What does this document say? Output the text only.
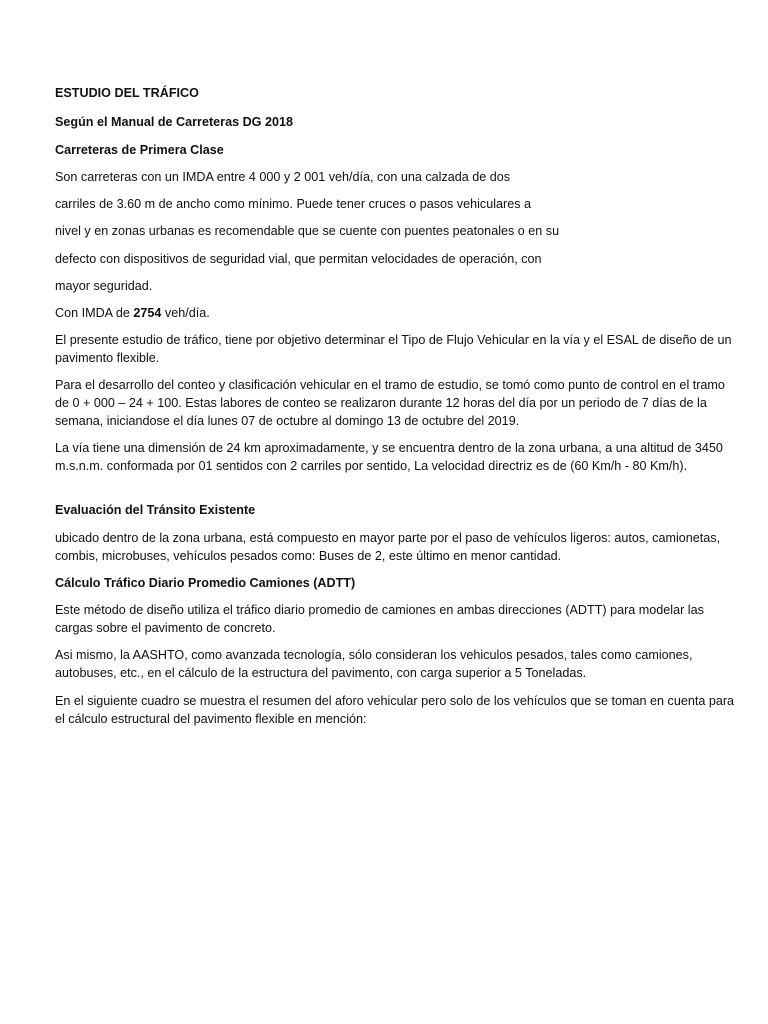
ESTUDIO DEL TRÁFICO

Según el Manual de Carreteras DG 2018

Carreteras de Primera Clase

Son carreteras con un IMDA entre 4 000 y 2 001 veh/día, con una calzada de dos

carriles de 3.60 m de ancho como mínimo. Puede tener cruces o pasos vehiculares a

nivel y en zonas urbanas es recomendable que se cuente con puentes peatonales o en su

defecto con dispositivos de seguridad vial, que permitan velocidades de operación, con

mayor seguridad.

Con IMDA de 2754 veh/día.

El presente estudio de tráfico, tiene por objetivo determinar el Tipo de Flujo Vehicular en la vía y el ESAL de diseño de un pavimento flexible.

Para el desarrollo del conteo y clasificación vehicular en el tramo de estudio, se tomó como punto de control en el tramo de 0 + 000 – 24 + 100. Estas labores de conteo se realizaron durante 12 horas del día por un periodo de 7 días de la semana, iniciandose el día lunes 07 de octubre al domingo 13 de octubre del 2019.

La vía tiene una dimensión de 24 km aproximadamente, y se encuentra dentro de la zona urbana, a una altitud de 3450 m.s.n.m. conformada por 01 sentidos con 2 carriles por sentido, La velocidad directriz es de (60 Km/h - 80 Km/h).

Evaluación del Tránsito Existente

ubicado dentro de la zona urbana, está compuesto en mayor parte por el paso de vehículos ligeros: autos, camionetas, combis, microbuses, vehículos pesados como: Buses de 2, este último en menor cantidad.

Cálculo Tráfico Diario Promedio Camiones (ADTT)

Este método de diseño utiliza el tráfico diario promedio de camiones en ambas direcciones (ADTT) para modelar las cargas sobre el pavimento de concreto.

Asi mismo, la AASHTO, como avanzada tecnología, sólo consideran los vehiculos pesados, tales como camiones, autobuses, etc., en el cálculo de la estructura del pavimento, con carga superior a 5 Toneladas.

En el siguiente cuadro se muestra el resumen del aforo vehicular pero solo de los vehículos que se toman en cuenta para el cálculo estructural del pavimento flexible en mención:
